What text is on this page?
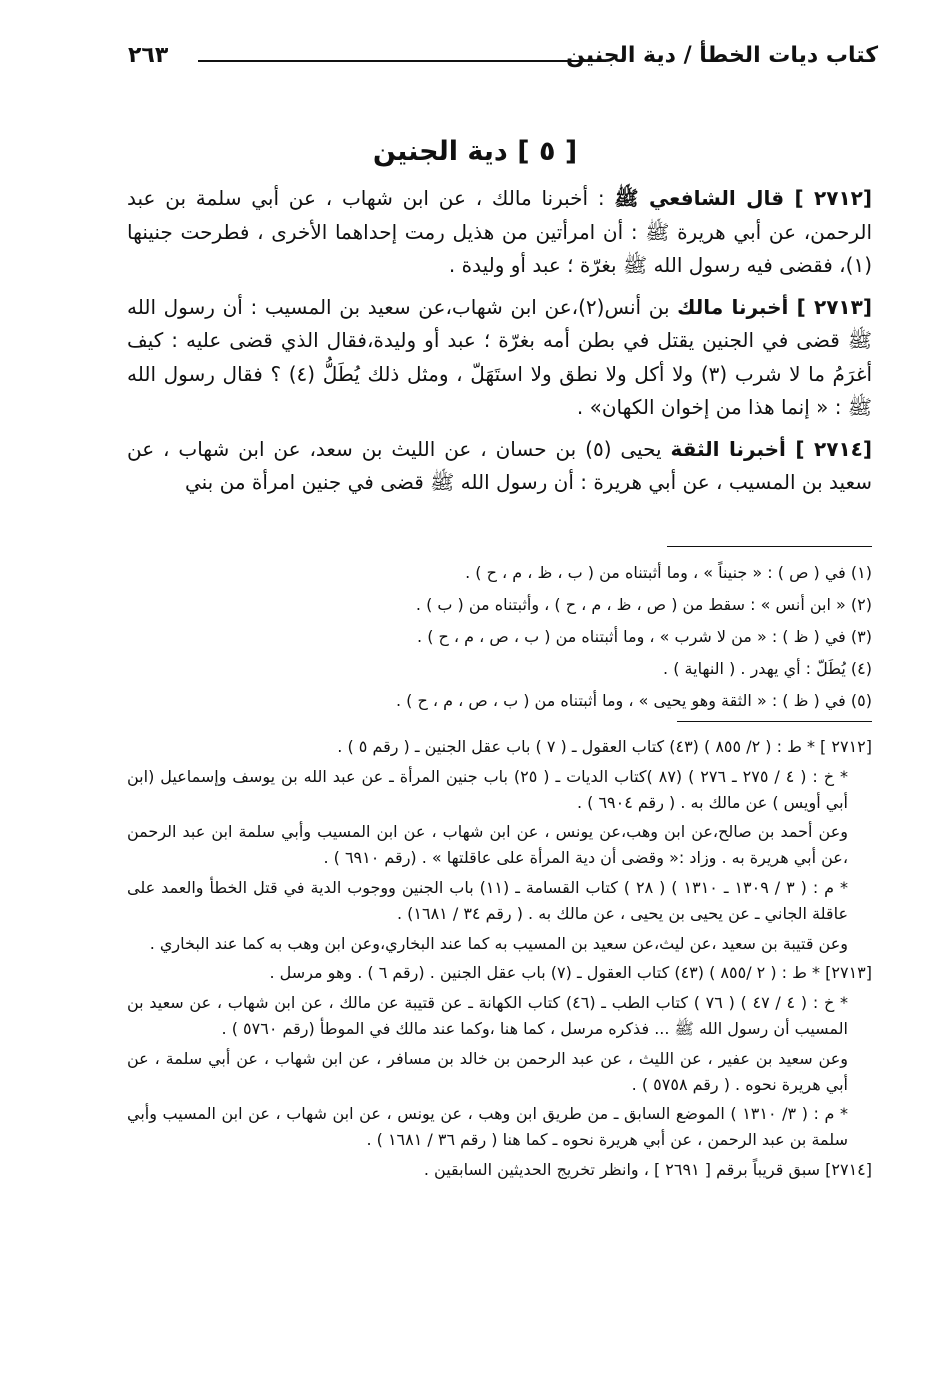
كتاب ديات الخطأ / دية الجنين
٢٦٣
[ ٥ ] دية الجنين

[٢٧١٢ ] قال الشافعي ﷺ : أخبرنا مالك ، عن ابن شهاب ، عن أبي سلمة بن عبد الرحمن، عن أبي هريرة ﷺ : أن امرأتين من هذيل رمت إحداهما الأخرى ، فطرحت جنينها (١)، فقضى فيه رسول الله ﷺ بغرّة ؛ عبد أو وليدة .

[٢٧١٣ ] أخبرنا مالك بن أنس(٢)،عن ابن شهاب،عن سعيد بن المسيب : أن رسول الله ﷺ قضى في الجنين يقتل في بطن أمه بغرّة ؛ عبد أو وليدة،فقال الذي قضى عليه : كيف أغرَمُ ما لا شرب (٣) ولا أكل ولا نطق ولا استَهَلّ ، ومثل ذلك يُطَلُّ (٤) ؟ فقال رسول الله ﷺ : « إنما هذا من إخوان الكهان» .

[٢٧١٤ ] أخبرنا الثقة يحيى (٥) بن حسان ، عن الليث بن سعد، عن ابن شهاب ، عن سعيد بن المسيب ، عن أبي هريرة : أن رسول الله ﷺ قضى في جنين امرأة من بني

(١) في ( ص ) : « جنيناً » ، وما أثبتناه من ( ب ، ظ ، م ، ح ) .
(٢) « ابن أنس » : سقط من ( ص ، ظ ، م ، ح ) ، وأثبتناه من ( ب ) .
(٣) في ( ظ ) : « من لا شرب » ، وما أثبتناه من ( ب ، ص ، م ، ح ) .
(٤) يُطَلّ : أي يهدر . ( النهاية ) .
(٥) في ( ظ ) : « الثقة وهو يحيى » ، وما أثبتناه من ( ب ، ص ، م ، ح ) .

[٢٧١٢ ] * ط : ( ٢/ ٨٥٥ ) (٤٣) كتاب العقول ـ ( ٧ ) باب عقل الجنين ـ ( رقم ٥ ) .

* خ : ( ٤ / ٢٧٥ ـ ٢٧٦ ) (٨٧ )كتاب الديات ـ ( ٢٥) باب جنين المرأة ـ عن عبد الله بن يوسف وإسماعيل (ابن أبي أويس ) عن مالك به . ( رقم ٦٩٠٤ ) .

وعن أحمد بن صالح،عن ابن وهب،عن يونس ، عن ابن شهاب ، عن ابن المسيب وأبي سلمة ابن عبد الرحمن ،عن أبي هريرة به . وزاد :« وقضى أن دية المرأة على عاقلتها » . (رقم ٦٩١٠ ) .

* م : ( ٣ / ١٣٠٩ ـ ١٣١٠ ) ( ٢٨ ) كتاب القسامة ـ (١١) باب الجنين ووجوب الدية في قتل الخطأ والعمد على عاقلة الجاني ـ عن يحيى بن يحيى ، عن مالك به . ( رقم ٣٤ / ١٦٨١) .

وعن قتيبة بن سعيد ،عن ليث،عن سعيد بن المسيب به كما عند البخاري،وعن ابن وهب به كما عند البخاري .

[٢٧١٣] * ط : ( ٢ /٨٥٥ ) (٤٣) كتاب العقول ـ (٧) باب عقل الجنين . (رقم ٦ ) . وهو مرسل .

* خ : ( ٤ / ٤٧ ) ( ٧٦ ) كتاب الطب ـ (٤٦) كتاب الكهانة ـ عن قتيبة عن مالك ، عن ابن شهاب ، عن سعيد بن المسيب أن رسول الله ﷺ ... فذكره مرسل ، كما هنا ،وكما عند مالك في الموطأ (رقم ٥٧٦٠ ) .

وعن سعيد بن عفير ، عن الليث ، عن عبد الرحمن بن خالد بن مسافر ، عن ابن شهاب ، عن أبي سلمة ، عن أبي هريرة نحوه . ( رقم ٥٧٥٨ ) .

* م : ( ٣/ ١٣١٠ ) الموضع السابق ـ من طريق ابن وهب ، عن يونس ، عن ابن شهاب ، عن ابن المسيب وأبي سلمة بن عبد الرحمن ، عن أبي هريرة نحوه ـ كما هنا ( رقم ٣٦ / ١٦٨١ ) .

[٢٧١٤] سبق قريباً برقم [ ٢٦٩١ ] ، وانظر تخريج الحديثين السابقين .
